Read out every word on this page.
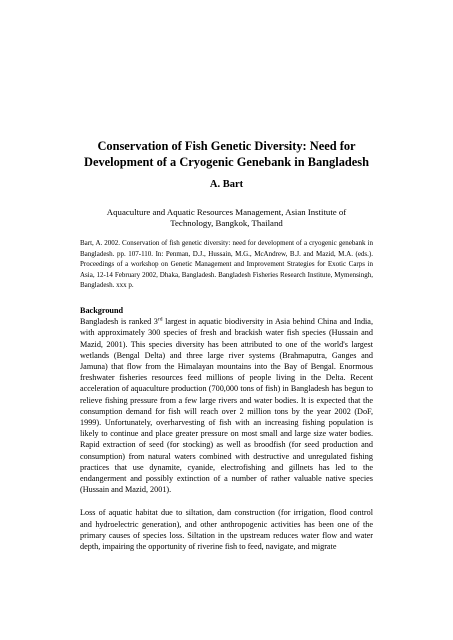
Conservation of Fish Genetic Diversity: Need for
Development of a Cryogenic Genebank in Bangladesh
A. Bart
Aquaculture and Aquatic Resources Management, Asian Institute of
Technology, Bangkok, Thailand
Bart, A. 2002. Conservation of fish genetic diversity: need for development of a cryogenic genebank in Bangladesh. pp. 107-110. In: Penman, D.J., Hussain, M.G., McAndrew, B.J. and Mazid, M.A. (eds.). Proceedings of a workshop on Genetic Management and Improvement Strategies for Exotic Carps in Asia, 12-14 February 2002, Dhaka, Bangladesh. Bangladesh Fisheries Research Institute, Mymensingh, Bangladesh. xxx p.
Background

Bangladesh is ranked 3rd largest in aquatic biodiversity in Asia behind China and India, with approximately 300 species of fresh and brackish water fish species (Hussain and Mazid, 2001). This species diversity has been attributed to one of the world's largest wetlands (Bengal Delta) and three large river systems (Brahmaputra, Ganges and Jamuna) that flow from the Himalayan mountains into the Bay of Bengal. Enormous freshwater fisheries resources feed millions of people living in the Delta. Recent acceleration of aquaculture production (700,000 tons of fish) in Bangladesh has begun to relieve fishing pressure from a few large rivers and water bodies. It is expected that the consumption demand for fish will reach over 2 million tons by the year 2002 (DoF, 1999). Unfortunately, overharvesting of fish with an increasing fishing population is likely to continue and place greater pressure on most small and large size water bodies. Rapid extraction of seed (for stocking) as well as broodfish (for seed production and consumption) from natural waters combined with destructive and unregulated fishing practices that use dynamite, cyanide, electrofishing and gillnets has led to the endangerment and possibly extinction of a number of rather valuable native species (Hussain and Mazid, 2001).

Loss of aquatic habitat due to siltation, dam construction (for irrigation, flood control and hydroelectric generation), and other anthropogenic activities has been one of the primary causes of species loss. Siltation in the upstream reduces water flow and water depth, impairing the opportunity of riverine fish to feed, navigate, and migrate
